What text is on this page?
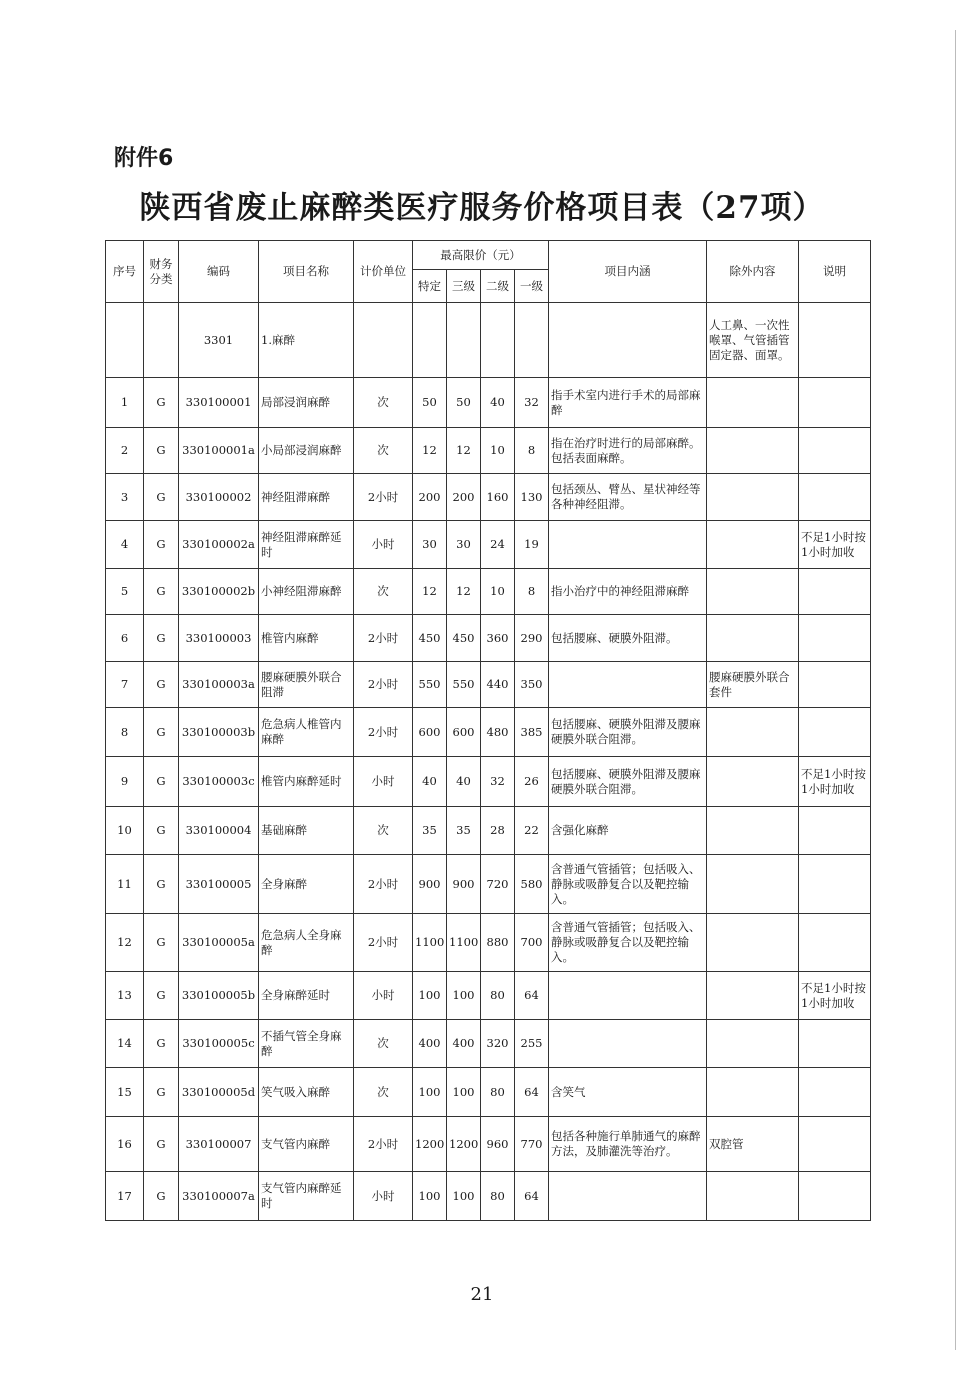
附件6
陕西省废止麻醉类医疗服务价格项目表（27项）
序号	财务分类	编码	项目名称	计价单位	最高限价（元）				项目内涵	除外内容	说明
					特定	三级	二级	一级			
		3301	1.麻醉							人工鼻、一次性喉罩、气管插管固定器、面罩。	
1	G	330100001	局部浸润麻醉	次	50	50	40	32	指手术室内进行手术的局部麻醉		
2	G	330100001a	小局部浸润麻醉	次	12	12	10	8	指在治疗时进行的局部麻醉。包括表面麻醉。		
3	G	330100002	神经阻滞麻醉	2小时	200	200	160	130	包括颈丛、臂丛、星状神经等各种神经阻滞。		
4	G	330100002a	神经阻滞麻醉延时	小时	30	30	24	19			不足1小时按1小时加收
5	G	330100002b	小神经阻滞麻醉	次	12	12	10	8	指小治疗中的神经阻滞麻醉		
6	G	330100003	椎管内麻醉	2小时	450	450	360	290	包括腰麻、硬膜外阻滞。		
7	G	330100003a	腰麻硬膜外联合阻滞	2小时	550	550	440	350		腰麻硬膜外联合套件	
8	G	330100003b	危急病人椎管内麻醉	2小时	600	600	480	385	包括腰麻、硬膜外阻滞及腰麻硬膜外联合阻滞。		
9	G	330100003c	椎管内麻醉延时	小时	40	40	32	26	包括腰麻、硬膜外阻滞及腰麻硬膜外联合阻滞。		不足1小时按1小时加收
10	G	330100004	基础麻醉	次	35	35	28	22	含强化麻醉		
11	G	330100005	全身麻醉	2小时	900	900	720	580	含普通气管插管；包括吸入、静脉或吸静复合以及靶控输入。		
12	G	330100005a	危急病人全身麻醉	2小时	1100	1100	880	700	含普通气管插管；包括吸入、静脉或吸静复合以及靶控输入。		
13	G	330100005b	全身麻醉延时	小时	100	100	80	64			不足1小时按1小时加收
14	G	330100005c	不插气管全身麻醉	次	400	400	320	255			
15	G	330100005d	笑气吸入麻醉	次	100	100	80	64	含笑气		
16	G	330100007	支气管内麻醉	2小时	1200	1200	960	770	包括各种施行单肺通气的麻醉方法，及肺灌洗等治疗。	双腔管	
17	G	330100007a	支气管内麻醉延时	小时	100	100	80	64			
21
